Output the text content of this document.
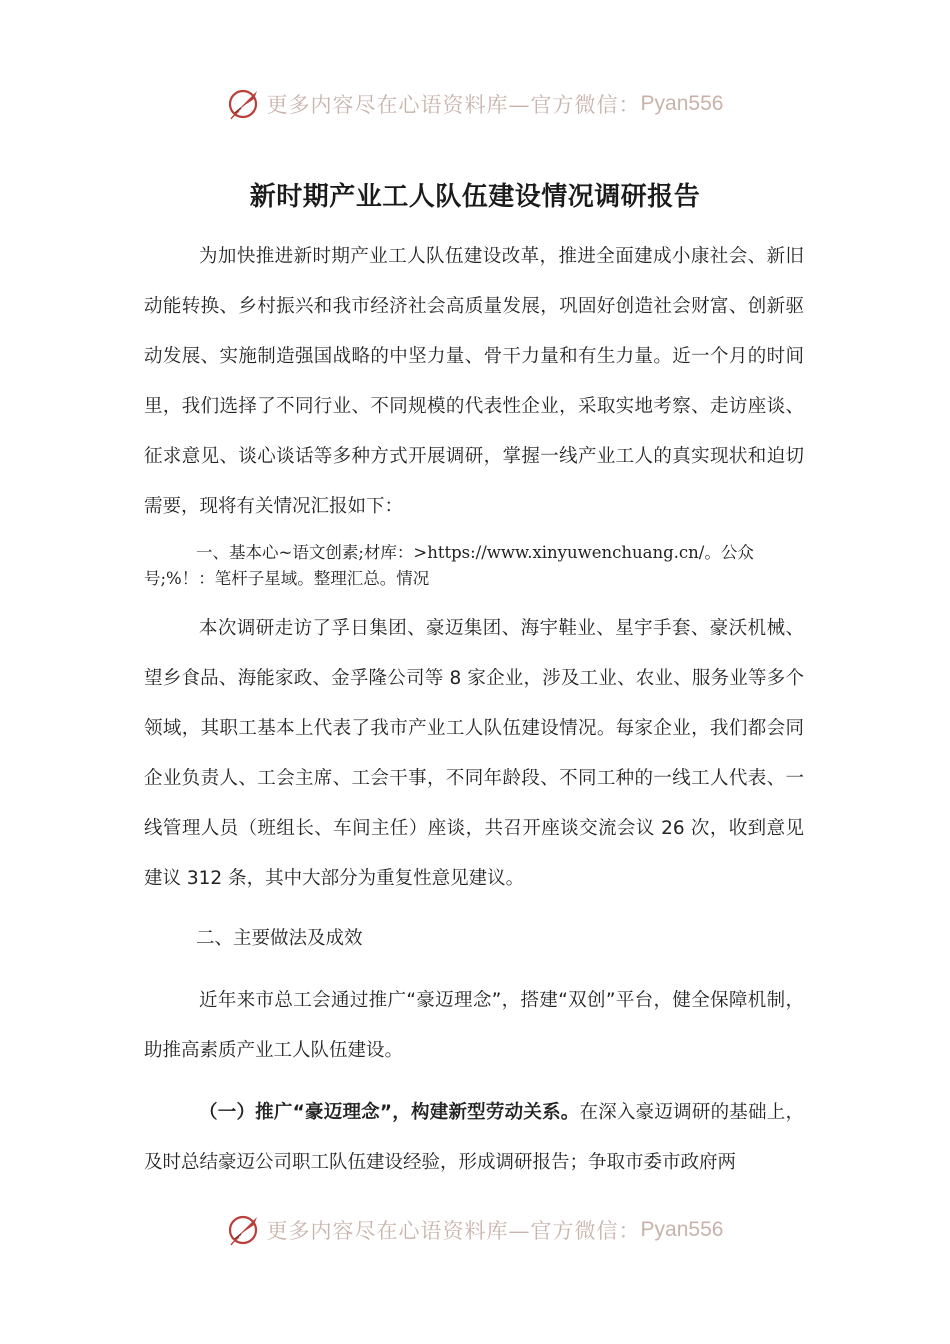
更多内容尽在心语资料库—官方微信： Pyan556
新时期产业工人队伍建设情况调研报告
为加快推进新时期产业工人队伍建设改革，推进全面建成小康社会、新旧动能转换、乡村振兴和我市经济社会高质量发展，巩固好创造社会财富、创新驱动发展、实施制造强国战略的中坚力量、骨干力量和有生力量。近一个月的时间里，我们选择了不同行业、不同规模的代表性企业，采取实地考察、走访座谈、征求意见、谈心谈话等多种方式开展调研，掌握一线产业工人的真实现状和迫切需要，现将有关情况汇报如下：
一、基本心~语文创素;材库：>https://www.xinyuwenchuang.cn/。公众号;%！：笔杆子星域。整理汇总。情况
本次调研走访了孚日集团、豪迈集团、海宇鞋业、星宇手套、豪沃机械、望乡食品、海能家政、金孚隆公司等 8 家企业，涉及工业、农业、服务业等多个领域，其职工基本上代表了我市产业工人队伍建设情况。每家企业，我们都会同企业负责人、工会主席、工会干事，不同年龄段、不同工种的一线工人代表、一线管理人员（班组长、车间主任）座谈，共召开座谈交流会议 26 次，收到意见建议 312 条，其中大部分为重复性意见建议。
二、主要做法及成效
近年来市总工会通过推广“豪迈理念”，搭建“双创”平台，健全保障机制，助推高素质产业工人队伍建设。
（一）推广“豪迈理念”，构建新型劳动关系。在深入豪迈调研的基础上，及时总结豪迈公司职工队伍建设经验，形成调研报告；争取市委市政府两
更多内容尽在心语资料库—官方微信： Pyan556
